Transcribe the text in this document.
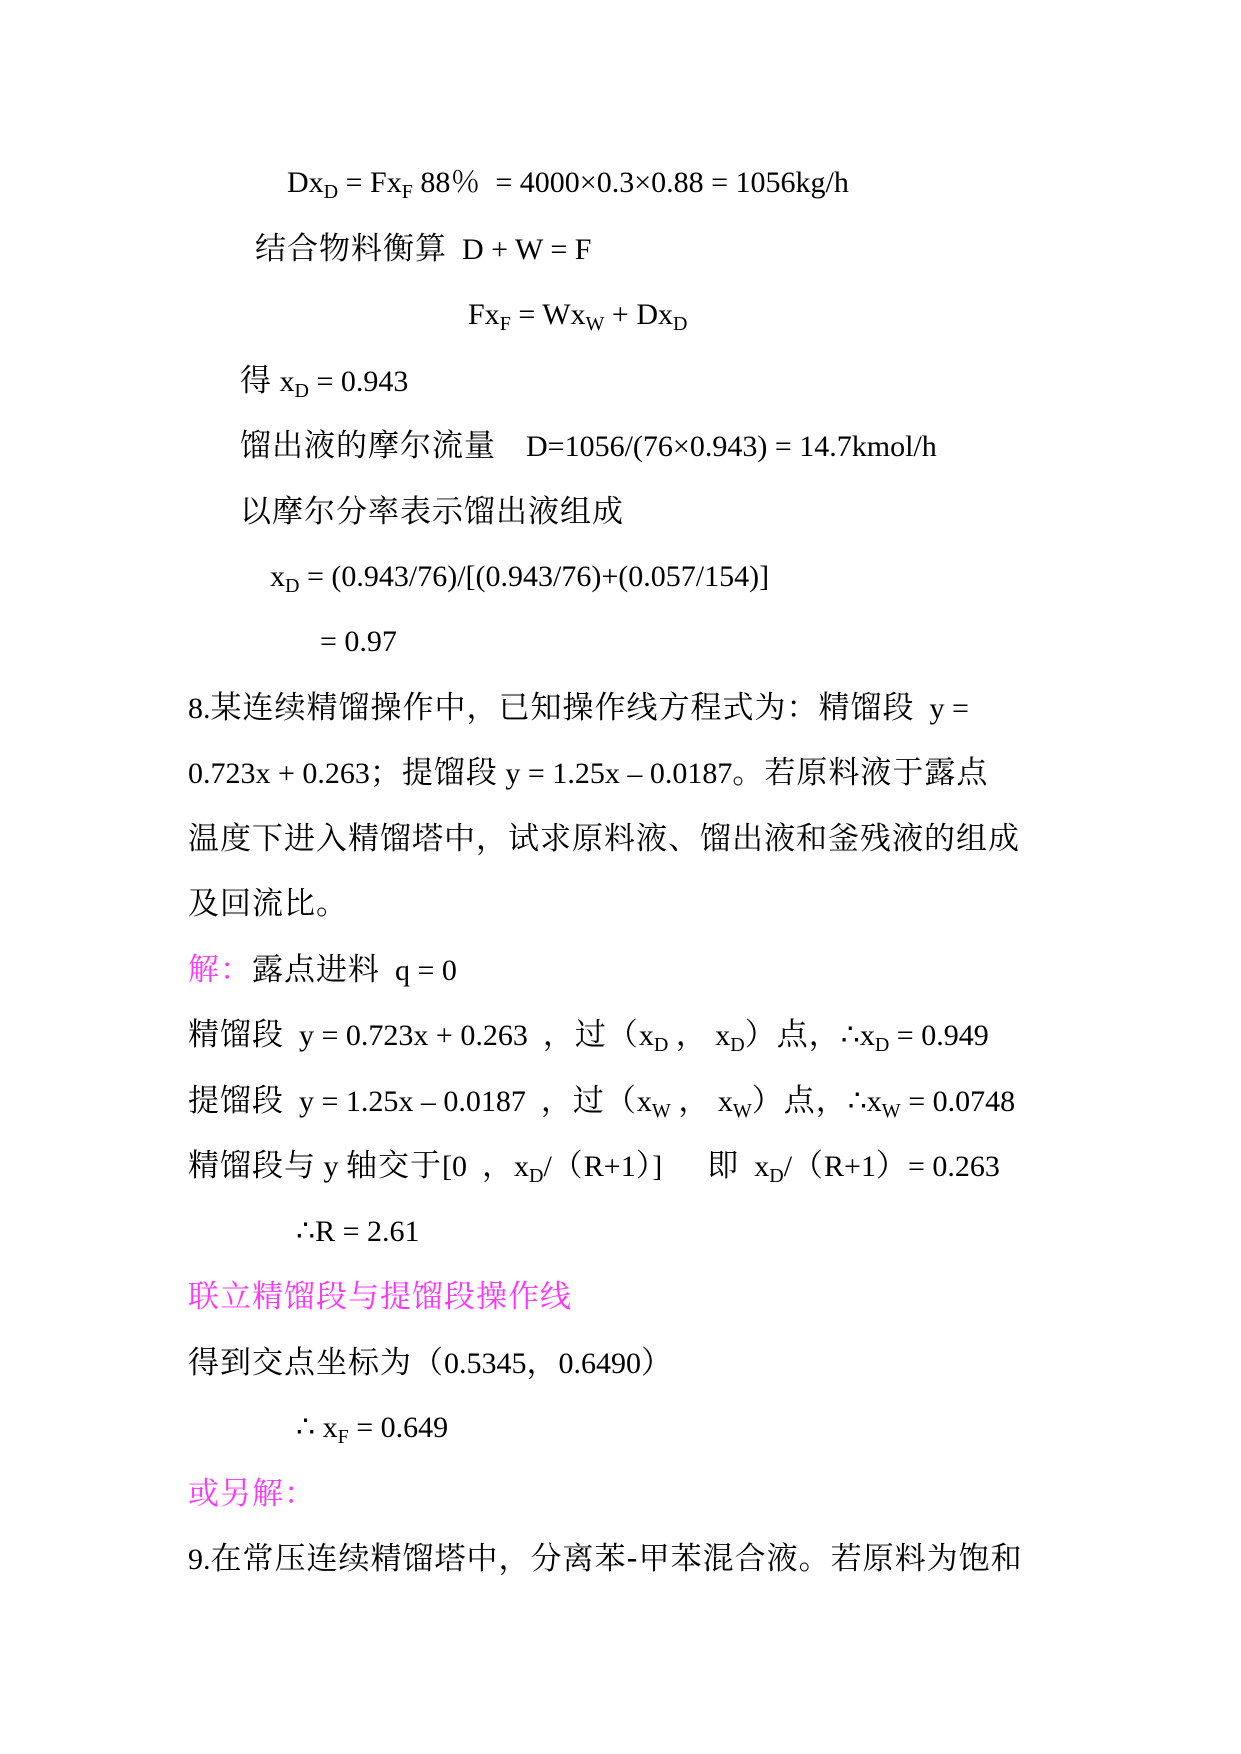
$Dx_D = Fx_F$ 88％  = 4000×0.3×0.88 = 1056kg/h
结合物料衡算  D + W = F
$Fx_F = Wx_W + Dx_D$
得 $x_D = 0.943$
馏出液的摩尔流量    D=1056/(76×0.943) = 14.7kmol/h
以摩尔分率表示馏出液组成
$x_D = (0.943/76)/[(0.943/76)+(0.057/154)]$
= 0.97
8.某连续精馏操作中，已知操作线方程式为：精馏段  y =
0.723x + 0.263；提馏段 y = 1.25x – 0.0187。若原料液于露点
温度下进入精馏塔中，试求原料液、馏出液和釜残液的组成
及回流比。
解：露点进料  q = 0
精馏段  y = 0.723x + 0.263  ，过（$x_D$ ， $x_D$）点，$\therefore x_D = 0.949$
提馏段  y = 1.25x – 0.0187  ，过（$x_W$ ， $x_W$）点，$\therefore x_W = 0.0748$
精馏段与 y 轴交于[0  ，$x_D/(R+1)$]      即  $x_D/(R+1)= 0.263$
∴R = 2.61
联立精馏段与提馏段操作线
得到交点坐标为（0.5345，0.6490）
∴ $x_F = 0.649$
或另解：
9.在常压连续精馏塔中，分离苯-甲苯混合液。若原料为饱和
